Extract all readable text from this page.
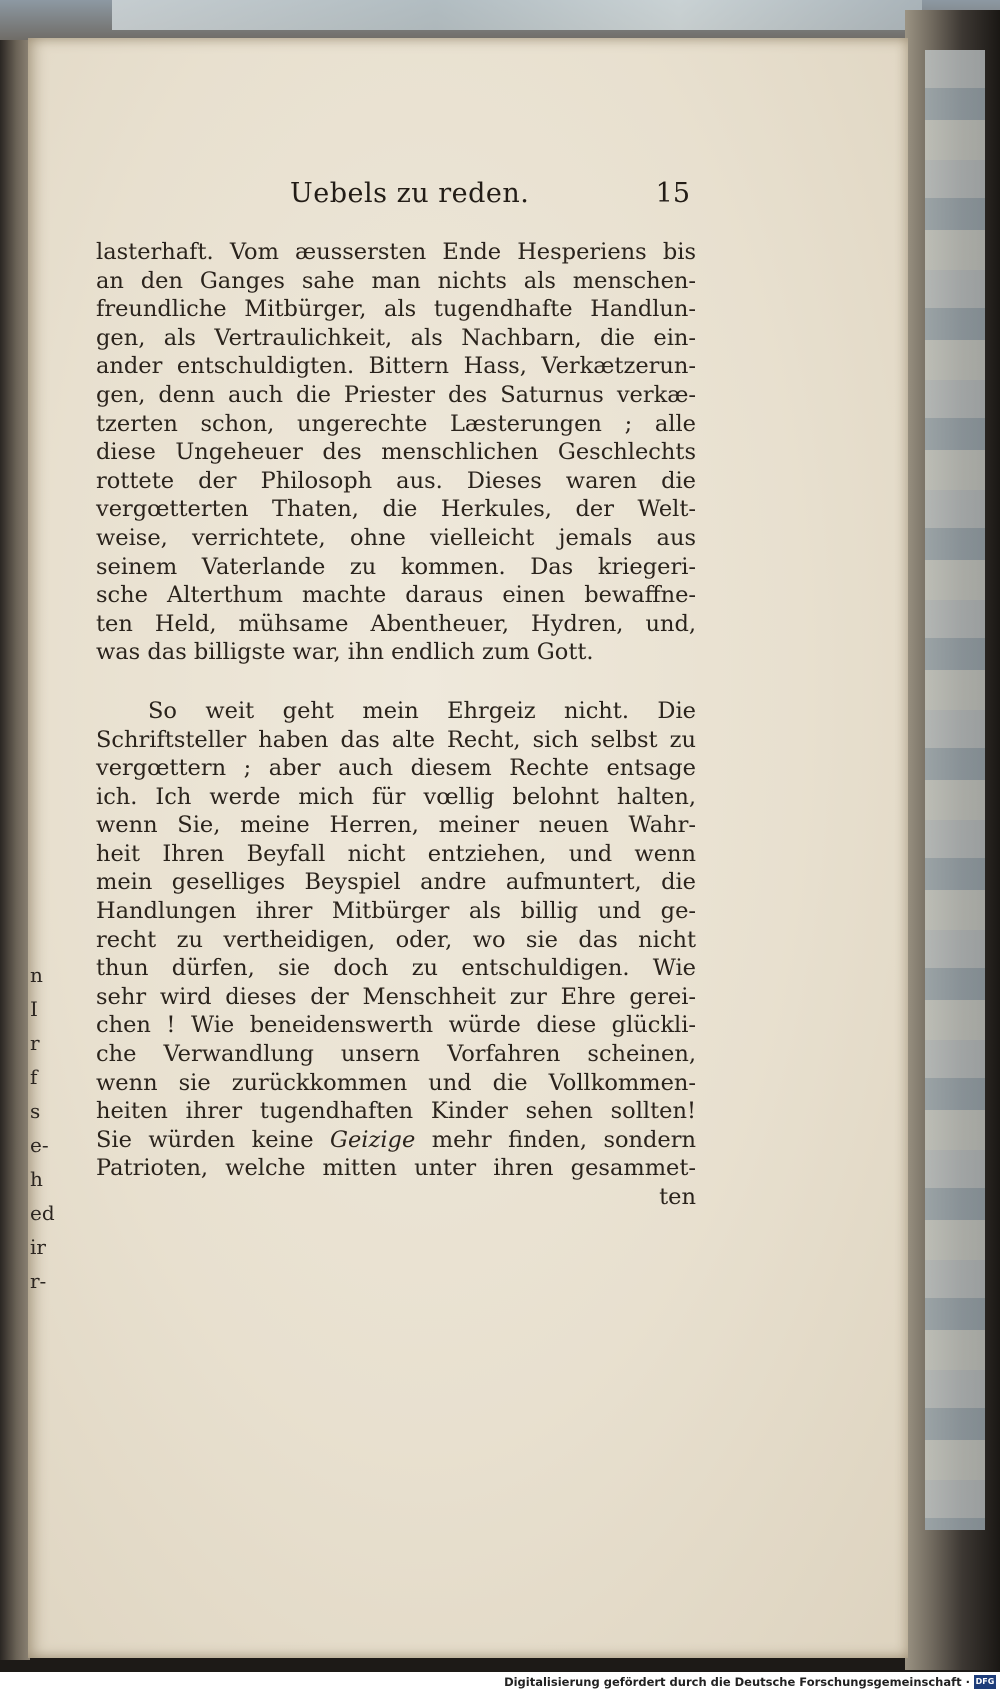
n
I
r
f
s
e-
h
ed
ir
r-
Uebels zu reden.	15

lasterhaft. Vom æussersten Ende Hesperiens bis
an den Ganges sahe man nichts als menschen-
freundliche Mitbürger, als tugendhafte Handlun-
gen, als Vertraulichkeit, als Nachbarn, die ein-
ander entschuldigten. Bittern Hass, Verkætzerun-
gen, denn auch die Priester des Saturnus verkæ-
tzerten schon, ungerechte Læsterungen ; alle
diese Ungeheuer des menschlichen Geschlechts
rottete der Philosoph aus. Dieses waren die
vergœtterten Thaten, die Herkules, der Welt-
weise, verrichtete, ohne vielleicht jemals aus
seinem Vaterlande zu kommen. Das kriegeri-
sche Alterthum machte daraus einen bewaffne-
ten Held, mühsame Abentheuer, Hydren, und,
was das billigste war, ihn endlich zum Gott.

So weit geht mein Ehrgeiz nicht. Die
Schriftsteller haben das alte Recht, sich selbst zu
vergœttern ; aber auch diesem Rechte entsage
ich. Ich werde mich für vœllig belohnt halten,
wenn Sie, meine Herren, meiner neuen Wahr-
heit Ihren Beyfall nicht entziehen, und wenn
mein geselliges Beyspiel andre aufmuntert, die
Handlungen ihrer Mitbürger als billig und ge-
recht zu vertheidigen, oder, wo sie das nicht
thun dürfen, sie doch zu entschuldigen. Wie
sehr wird dieses der Menschheit zur Ehre gerei-
chen ! Wie beneidenswerth würde diese glückli-
che Verwandlung unsern Vorfahren scheinen,
wenn sie zurückkommen und die Vollkommen-
heiten ihrer tugendhaften Kinder sehen sollten!

Sie würden keine Geizige mehr finden, sondern
Patrioten, welche mitten unter ihren gesammet-
ten
Digitalisierung gefördert durch die Deutsche Forschungsgemeinschaft · DFG
